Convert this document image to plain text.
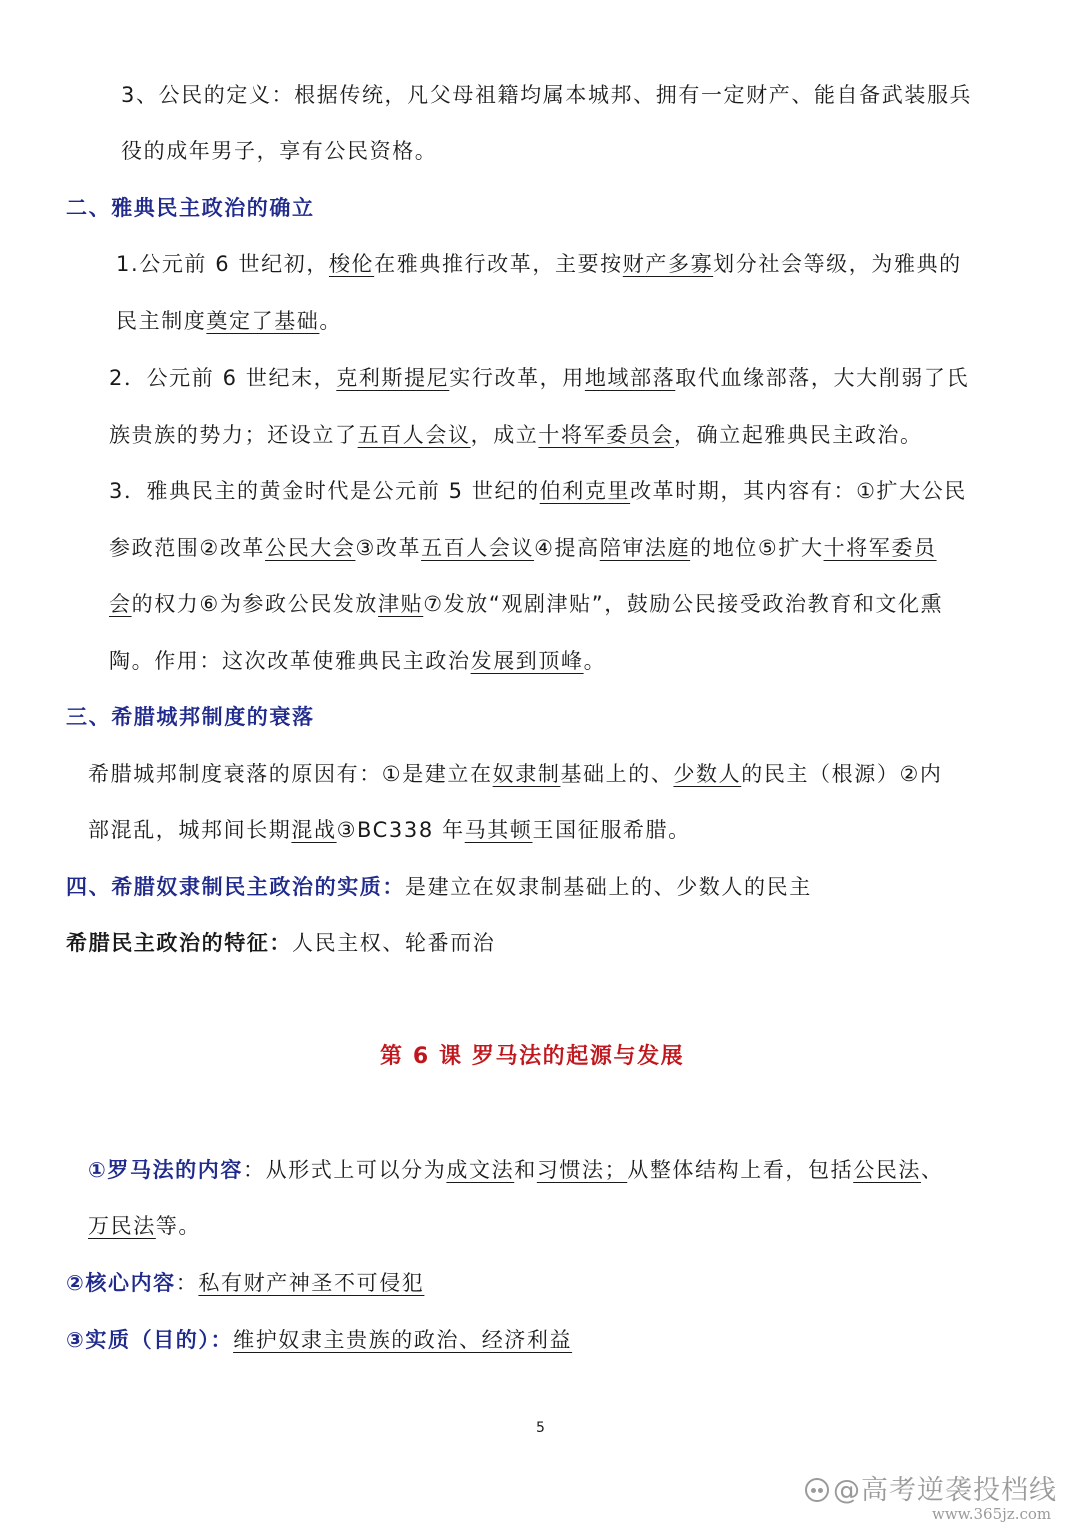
3、公民的定义：根据传统，凡父母祖籍均属本城邦、拥有一定财产、能自备武装服兵
役的成年男子，享有公民资格。
二、雅典民主政治的确立
1.公元前 6 世纪初，梭伦在雅典推行改革，主要按财产多寡划分社会等级，为雅典的
民主制度奠定了基础。
2．公元前 6 世纪末，克利斯提尼实行改革，用地域部落取代血缘部落，大大削弱了氏
族贵族的势力；还设立了五百人会议，成立十将军委员会，确立起雅典民主政治。
3．雅典民主的黄金时代是公元前 5 世纪的伯利克里改革时期，其内容有：①扩大公民
参政范围②改革公民大会③改革五百人会议④提高陪审法庭的地位⑤扩大十将军委员
会的权力⑥为参政公民发放津贴⑦发放“观剧津贴”，鼓励公民接受政治教育和文化熏
陶。作用：这次改革使雅典民主政治发展到顶峰。
三、希腊城邦制度的衰落
希腊城邦制度衰落的原因有：①是建立在奴隶制基础上的、少数人的民主（根源）②内
部混乱，城邦间长期混战③BC338 年马其顿王国征服希腊。
四、希腊奴隶制民主政治的实质：是建立在奴隶制基础上的、少数人的民主
希腊民主政治的特征：人民主权、轮番而治
第 6 课 罗马法的起源与发展
①罗马法的内容：从形式上可以分为成文法和习惯法；从整体结构上看，包括公民法、
万民法等。
②核心内容：私有财产神圣不可侵犯
③实质（目的）：维护奴隶主贵族的政治、经济利益
5
@高考逆袭投档线
www.365jz.com
